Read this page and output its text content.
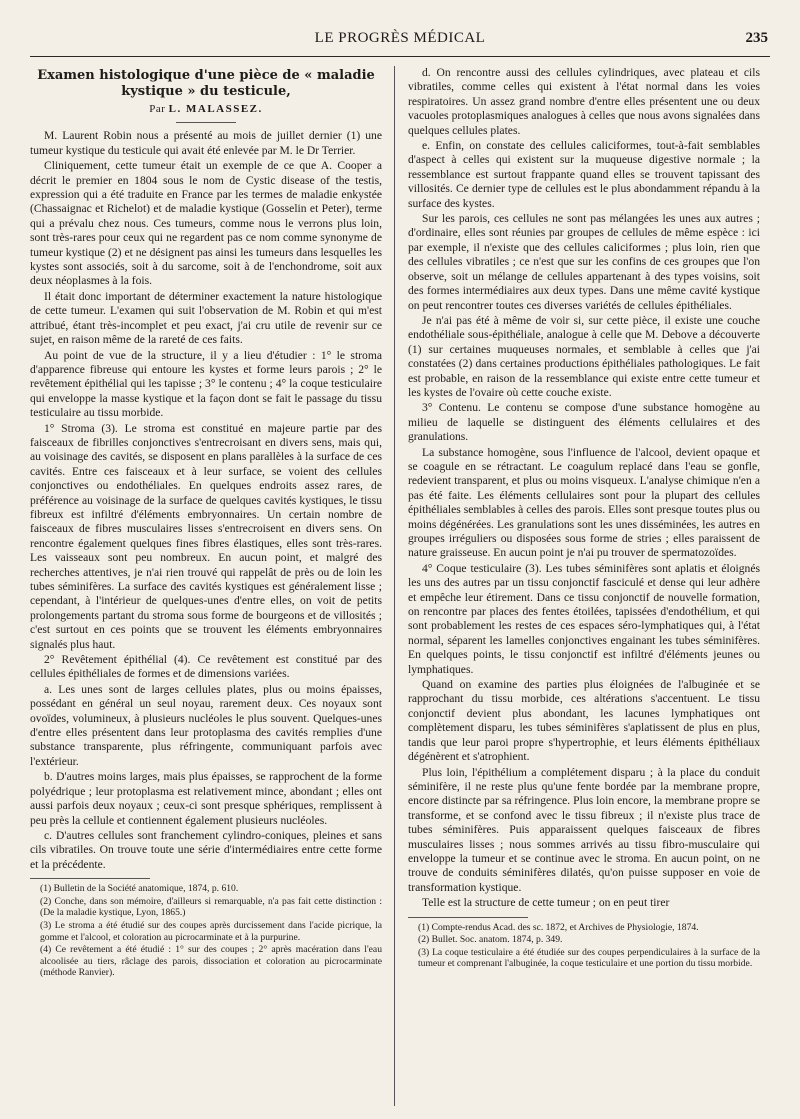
LE PROGRÈS MÉDICAL	235
Examen histologique d'une pièce de « maladie kystique » du testicule,
Par L. MALASSEZ.

M. Laurent Robin nous a présenté au mois de juillet dernier (1) une tumeur kystique du testicule qui avait été enlevée par M. le Dr Terrier.

Cliniquement, cette tumeur était un exemple de ce que A. Cooper a décrit le premier en 1804 sous le nom de Cystic disease of the testis, expression qui a été traduite en France par les termes de maladie enkystée (Chassaignac et Richelot) et de maladie kystique (Gosselin et Peter), terme qui a prévalu chez nous. Ces tumeurs, comme nous le verrons plus loin, sont très-rares pour ceux qui ne regardent pas ce nom comme synonyme de tumeur kystique (2) et ne désignent pas ainsi les tumeurs dans lesquelles les kystes sont associés, soit à du sarcome, soit à de l'enchondrome, soit aux deux néoplasmes à la fois.

Il était donc important de déterminer exactement la nature histologique de cette tumeur. L'examen qui suit l'observation de M. Robin et qui m'est attribué, étant très-incomplet et peu exact, j'ai cru utile de revenir sur ce sujet, en raison même de la rareté de ces faits.

Au point de vue de la structure, il y a lieu d'étudier : 1° le stroma d'apparence fibreuse qui entoure les kystes et forme leurs parois ; 2° le revêtement épithélial qui les tapisse ; 3° le contenu ; 4° la coque testiculaire qui enveloppe la masse kystique et la façon dont se fait le passage du tissu testiculaire au tissu morbide.

1° Stroma (3). Le stroma est constitué en majeure partie par des faisceaux de fibrilles conjonctives s'entrecroisant en divers sens, mais qui, au voisinage des cavités, se disposent en plans parallèles à la surface de ces cavités. Entre ces faisceaux et à leur surface, se voient des cellules conjonctives ou endothéliales. En quelques endroits assez rares, de préférence au voisinage de la surface de quelques cavités kystiques, le tissu fibreux est infiltré d'éléments embryonnaires. Un certain nombre de faisceaux de fibres musculaires lisses s'entrecroisent en divers sens. On rencontre également quelques fines fibres élastiques, elles sont très-rares. Les vaisseaux sont peu nombreux. En aucun point, et malgré des recherches attentives, je n'ai rien trouvé qui rappelât de près ou de loin les tubes séminifères. La surface des cavités kystiques est généralement lisse ; cependant, à l'intérieur de quelques-unes d'entre elles, on voit de petits prolongements partant du stroma sous forme de bourgeons et de villosités ; c'est surtout en ces points que se trouvent les éléments embryonnaires signalés plus haut.

2° Revêtement épithélial (4). Ce revêtement est constitué par des cellules épithéliales de formes et de dimensions variées.

a. Les unes sont de larges cellules plates, plus ou moins épaisses, possédant en général un seul noyau, rarement deux. Ces noyaux sont ovoïdes, volumineux, à plusieurs nucléoles le plus souvent. Quelques-unes d'entre elles présentent dans leur protoplasma des cavités remplies d'une substance transparente, plus réfringente, communiquant parfois avec l'extérieur.

b. D'autres moins larges, mais plus épaisses, se rapprochent de la forme polyédrique ; leur protoplasma est relativement mince, abondant ; elles ont aussi parfois deux noyaux ; ceux-ci sont presque sphériques, remplissent à peu près la cellule et contiennent également plusieurs nucléoles.

c. D'autres cellules sont franchement cylindro-coniques, pleines et sans cils vibratiles. On trouve toute une série d'intermédiaires entre cette forme et la précédente.

(1) Bulletin de la Société anatomique, 1874, p. 610.

(2) Conche, dans son mémoire, d'ailleurs si remarquable, n'a pas fait cette distinction : (De la maladie kystique, Lyon, 1865.)

(3) Le stroma a été étudié sur des coupes après durcissement dans l'acide picrique, la gomme et l'alcool, et coloration au picrocarminate et à la purpurine.

(4) Ce revêtement a été étudié : 1° sur des coupes ; 2° après macération dans l'eau alcoolisée au tiers, râclage des parois, dissociation et coloration au picrocarminate (méthode Ranvier).

d. On rencontre aussi des cellules cylindriques, avec plateau et cils vibratiles, comme celles qui existent à l'état normal dans les voies respiratoires. Un assez grand nombre d'entre elles présentent une ou deux vacuoles protoplasmiques analogues à celles que nous avons signalées dans quelques cellules plates.

e. Enfin, on constate des cellules caliciformes, tout-à-fait semblables d'aspect à celles qui existent sur la muqueuse digestive normale ; la ressemblance est surtout frappante quand elles se trouvent tapissant des villosités. Ce dernier type de cellules est le plus abondamment répandu à la surface des kystes.

Sur les parois, ces cellules ne sont pas mélangées les unes aux autres ; d'ordinaire, elles sont réunies par groupes de cellules de même espèce : ici par exemple, il n'existe que des cellules caliciformes ; plus loin, rien que des cellules vibratiles ; ce n'est que sur les confins de ces groupes que l'on observe, soit un mélange de cellules appartenant à des types voisins, soit des formes intermédiaires aux deux types. Dans une même cavité kystique on peut rencontrer toutes ces diverses variétés de cellules épithéliales.

Je n'ai pas été à même de voir si, sur cette pièce, il existe une couche endothéliale sous-épithéliale, analogue à celle que M. Debove a découverte (1) sur certaines muqueuses normales, et semblable à celles que j'ai constatées (2) dans certaines productions épithéliales pathologiques. Le fait est probable, en raison de la ressemblance qui existe entre cette tumeur et les kystes de l'ovaire où cette couche existe.

3° Contenu. Le contenu se compose d'une substance homogène au milieu de laquelle se distinguent des éléments cellulaires et des granulations.

La substance homogène, sous l'influence de l'alcool, devient opaque et se coagule en se rétractant. Le coagulum replacé dans l'eau se gonfle, redevient transparent, et plus ou moins visqueux. L'analyse chimique n'en a pas été faite. Les éléments cellulaires sont pour la plupart des cellules épithéliales semblables à celles des parois. Elles sont presque toutes plus ou moins dégénérées. Les granulations sont les unes disséminées, les autres en groupes irréguliers ou disposées sous forme de stries ; elles paraissent de nature graisseuse. En aucun point je n'ai pu trouver de spermatozoïdes.

4° Coque testiculaire (3). Les tubes séminifères sont aplatis et éloignés les uns des autres par un tissu conjonctif fasciculé et dense qui leur adhère et empêche leur étirement. Dans ce tissu conjonctif de nouvelle formation, on rencontre par places des fentes étoilées, tapissées d'endothélium, et qui sont probablement les restes de ces espaces séro-lymphatiques qui, à l'état normal, séparent les lamelles conjonctives engainant les tubes séminifères. En quelques points, le tissu conjonctif est infiltré d'éléments jeunes ou lymphatiques.

Quand on examine des parties plus éloignées de l'albuginée et se rapprochant du tissu morbide, ces altérations s'accentuent. Le tissu conjonctif devient plus abondant, les lacunes lymphatiques ont complètement disparu, les tubes séminifères s'aplatissent de plus en plus, tandis que leur paroi propre s'hypertrophie, et leurs éléments épithéliaux dégénèrent et s'atrophient.

Plus loin, l'épithélium a complétement disparu ; à la place du conduit séminifère, il ne reste plus qu'une fente bordée par la membrane propre, encore distincte par sa réfringence. Plus loin encore, la membrane propre se transforme, et se confond avec le tissu fibreux ; il n'existe plus trace de tubes séminifères. Puis apparaissent quelques faisceaux de fibres musculaires lisses ; nous sommes arrivés au tissu fibro-musculaire qui enveloppe la tumeur et se continue avec le stroma. En aucun point, on ne trouve de conduits séminifères dilatés, qu'on puisse supposer en voie de transformation kystique.

Telle est la structure de cette tumeur ; on en peut tirer

(1) Compte-rendus Acad. des sc. 1872, et Archives de Physiologie, 1874.

(2) Bullet. Soc. anatom. 1874, p. 349.

(3) La coque testiculaire a été étudiée sur des coupes perpendiculaires à la surface de la tumeur et comprenant l'albuginée, la coque testiculaire et une portion du tissu morbide.
